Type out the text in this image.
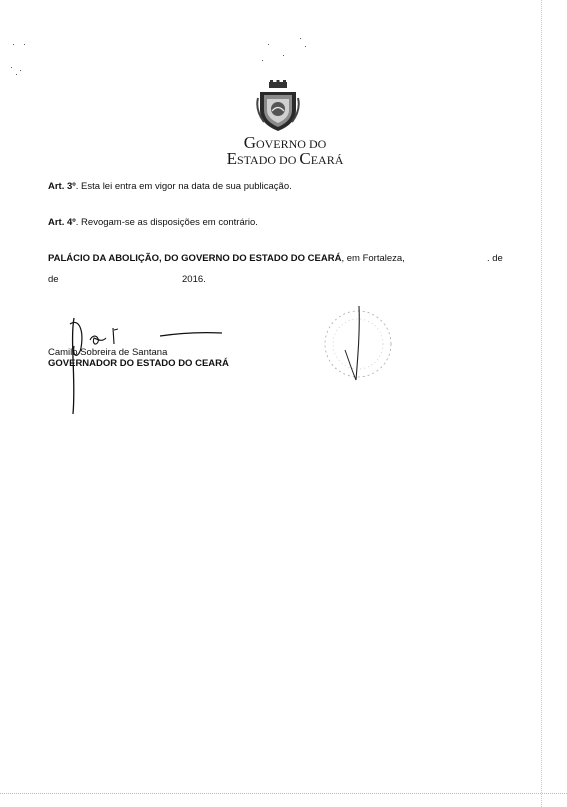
GOVERNO DO
ESTADO DO CEARÁ
Art. 3º. Esta lei entra em vigor na data de sua publicação.
Art. 4º. Revogam-se as disposições em contrário.
PALÁCIO DA ABOLIÇÃO, DO GOVERNO DO ESTADO DO CEARÁ, em Fortaleza,	. de
de	2016.
Camilo Sobreira de Santana
GOVERNADOR DO ESTADO DO CEARÁ
